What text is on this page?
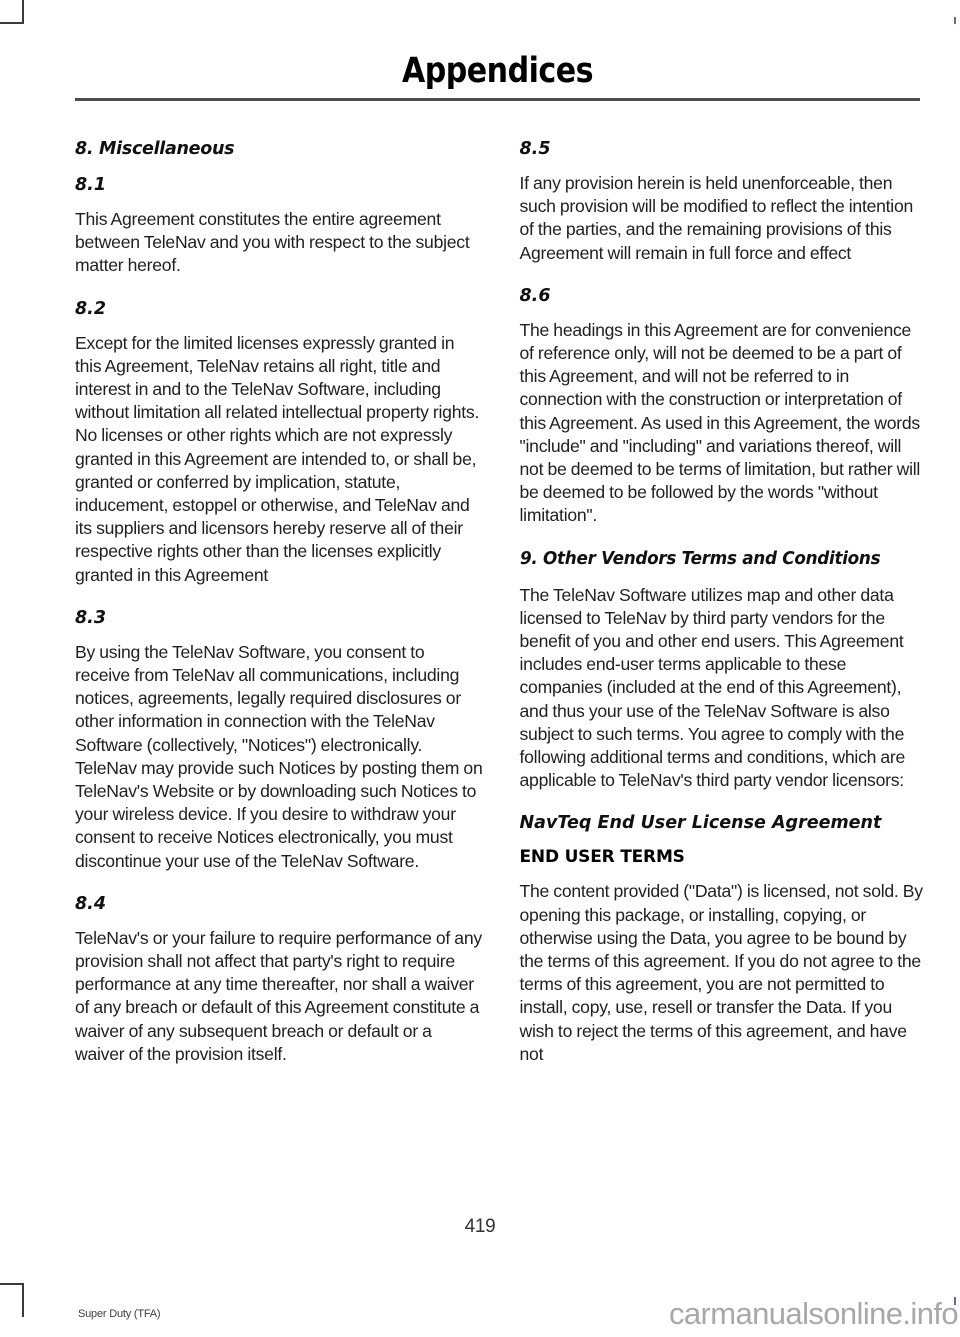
Appendices
8. Miscellaneous
8.1

This Agreement constitutes the entire agreement between TeleNav and you with respect to the subject matter hereof.

8.2

Except for the limited licenses expressly granted in this Agreement, TeleNav retains all right, title and interest in and to the TeleNav Software, including without limitation all related intellectual property rights. No licenses or other rights which are not expressly granted in this Agreement are intended to, or shall be, granted or conferred by implication, statute, inducement, estoppel or otherwise, and TeleNav and its suppliers and licensors hereby reserve all of their respective rights other than the licenses explicitly granted in this Agreement

8.3

By using the TeleNav Software, you consent to receive from TeleNav all communications, including notices, agreements, legally required disclosures or other information in connection with the TeleNav Software (collectively, "Notices") electronically. TeleNav may provide such Notices by posting them on TeleNav's Website or by downloading such Notices to your wireless device. If you desire to withdraw your consent to receive Notices electronically, you must discontinue your use of the TeleNav Software.

8.4

TeleNav's or your failure to require performance of any provision shall not affect that party's right to require performance at any time thereafter, nor shall a waiver of any breach or default of this Agreement constitute a waiver of any subsequent breach or default or a waiver of the provision itself.

8.5

If any provision herein is held unenforceable, then such provision will be modified to reflect the intention of the parties, and the remaining provisions of this Agreement will remain in full force and effect

8.6

The headings in this Agreement are for convenience of reference only, will not be deemed to be a part of this Agreement, and will not be referred to in connection with the construction or interpretation of this Agreement. As used in this Agreement, the words "include" and "including" and variations thereof, will not be deemed to be terms of limitation, but rather will be deemed to be followed by the words "without limitation".

9. Other Vendors Terms and Conditions

The TeleNav Software utilizes map and other data licensed to TeleNav by third party vendors for the benefit of you and other end users. This Agreement includes end-user terms applicable to these companies (included at the end of this Agreement), and thus your use of the TeleNav Software is also subject to such terms. You agree to comply with the following additional terms and conditions, which are applicable to TeleNav's third party vendor licensors:

NavTeq End User License Agreement
END USER TERMS

The content provided ("Data") is licensed, not sold. By opening this package, or installing, copying, or otherwise using the Data, you agree to be bound by the terms of this agreement. If you do not agree to the terms of this agreement, you are not permitted to install, copy, use, resell or transfer the Data. If you wish to reject the terms of this agreement, and have not

419
Super Duty (TFA)	carmanualsonline.info
